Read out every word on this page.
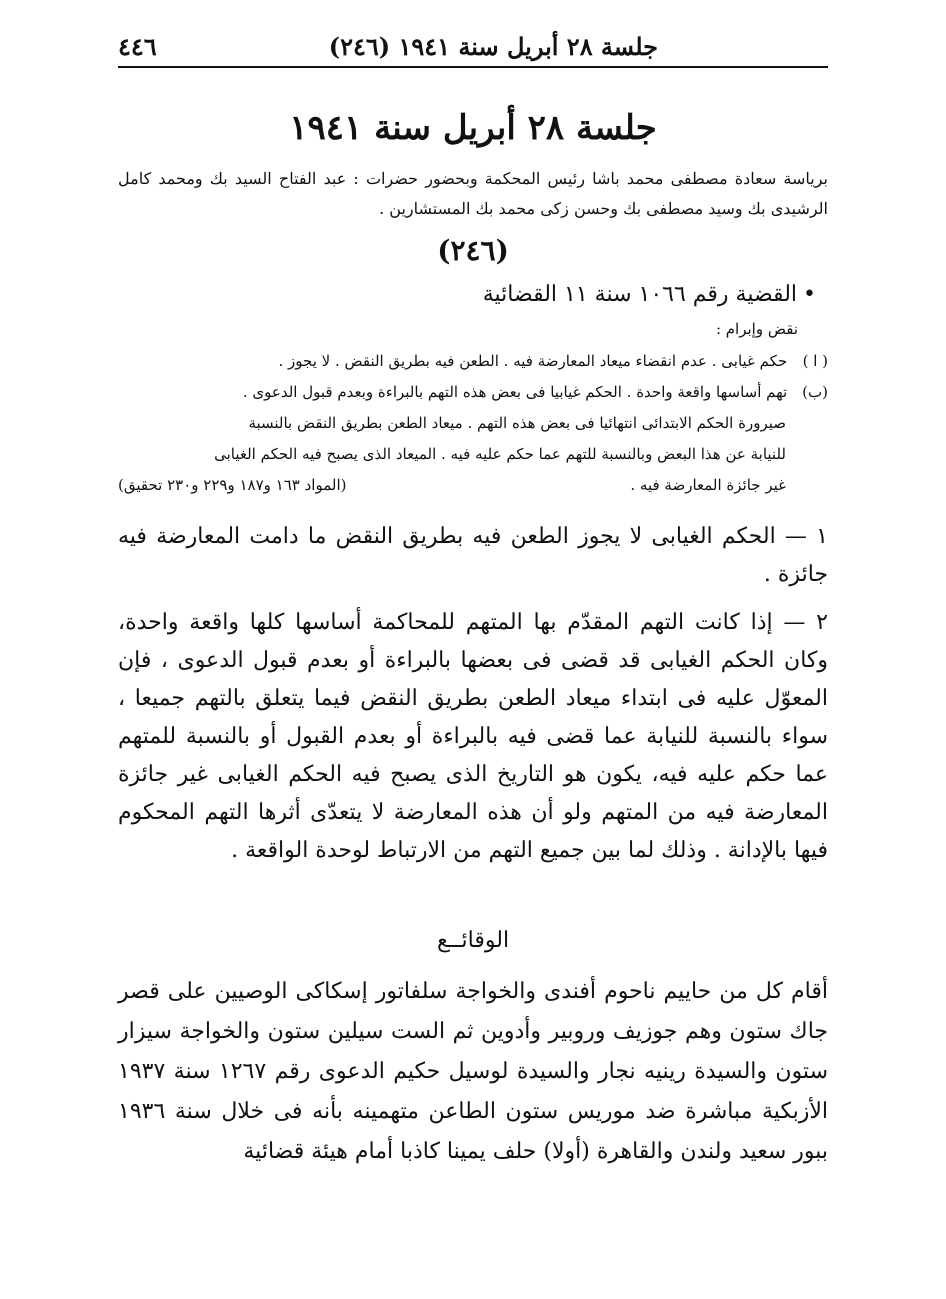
جلسة ٢٨ أبريل سنة ١٩٤١ (٢٤٦)
٤٤٦
جلسة ٢٨ أبريل سنة ١٩٤١
برياسة سعادة مصطفى محمد باشا رئيس المحكمة وبحضور حضرات : عبد الفتاح السيد بك ومحمد كامل الرشيدى بك وسيد مصطفى بك وحسن زكى محمد بك المستشارين .
(٢٤٦)
•القضية رقم ١٠٦٦ سنة ١١ القضائية
نقض وإبرام :
( ا ) حكم غيابى . عدم انقضاء ميعاد المعارضة فيه . الطعن فيه بطريق النقض . لا يجوز .
(ب) تهم أساسها واقعة واحدة . الحكم غيابيا فى بعض هذه التهم بالبراءة وبعدم قبول الدعوى .
صيرورة الحكم الابتدائى انتهائيا فى بعض هذه التهم . ميعاد الطعن بطريق النقض بالنسبة
للنيابة عن هذا البعض وبالنسبة للتهم عما حكم عليه فيه . الميعاد الذى يصبح فيه الحكم الغيابى
غير جائزة المعارضة فيه .
(المواد ١٦٣ و١٨٧ و٢٢٩ و٢٣٠ تحقيق)

١ — الحكم الغيابى لا يجوز الطعن فيه بطريق النقض ما دامت المعارضة فيه جائزة .

٢ — إذا كانت التهم المقدّم بها المتهم للمحاكمة أساسها كلها واقعة واحدة، وكان الحكم الغيابى قد قضى فى بعضها بالبراءة أو بعدم قبول الدعوى ، فإن المعوّل عليه فى ابتداء ميعاد الطعن بطريق النقض فيما يتعلق بالتهم جميعا ، سواء بالنسبة للنيابة عما قضى فيه بالبراءة أو بعدم القبول أو بالنسبة للمتهم عما حكم عليه فيه، يكون هو التاريخ الذى يصبح فيه الحكم الغيابى غير جائزة المعارضة فيه من المتهم ولو أن هذه المعارضة لا يتعدّى أثرها التهم المحكوم فيها بالإدانة . وذلك لما بين جميع التهم من الارتباط لوحدة الواقعة .

الوقائــع

أقام كل من حاييم ناحوم أفندى والخواجة سلفاتور إسكاكى الوصيين على قصر جاك ستون وهم جوزيف وروبير وأدوين ثم الست سيلين ستون والخواجة سيزار ستون والسيدة رينيه نجار والسيدة لوسيل حكيم الدعوى رقم ١٢٦٧ سنة ١٩٣٧ الأزبكية مباشرة ضد موريس ستون الطاعن متهمينه بأنه فى خلال سنة ١٩٣٦ ببور سعيد ولندن والقاهرة (أولا) حلف يمينا كاذبا أمام هيئة قضائية
